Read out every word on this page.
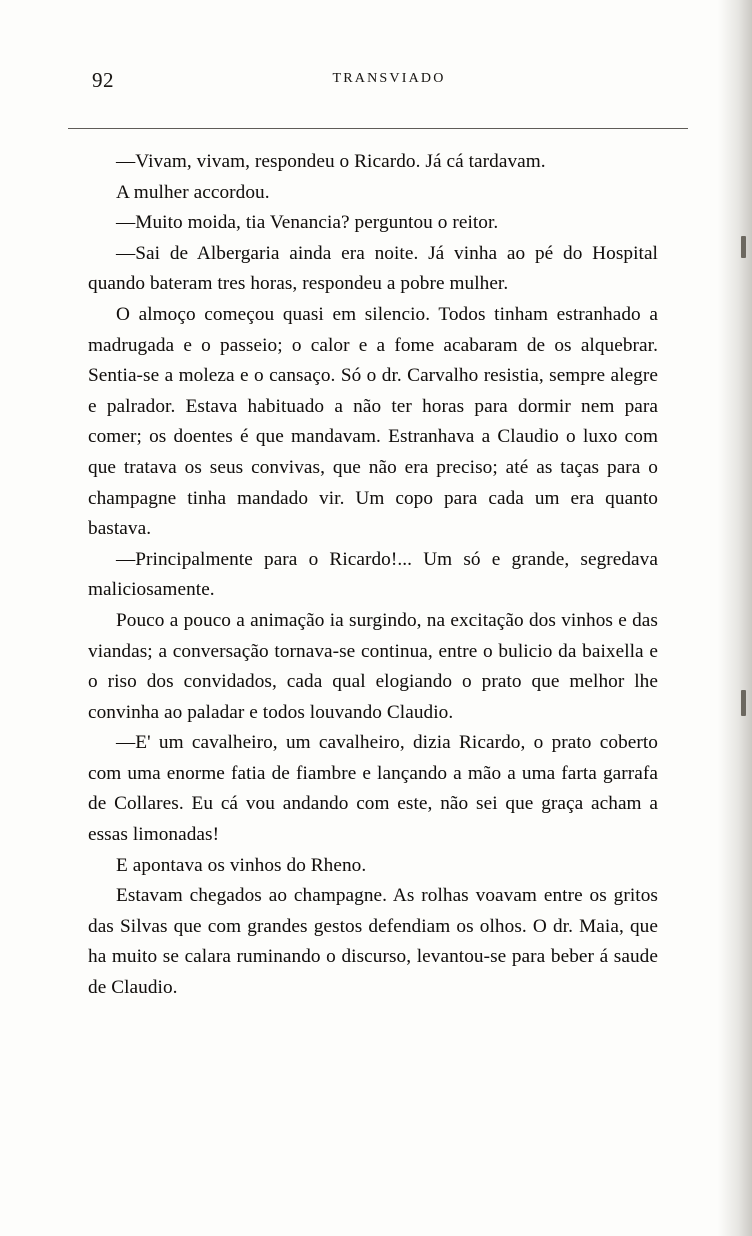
92	TRANSVIADO

—Vivam, vivam, respondeu o Ricardo. Já cá tardavam.

A mulher accordou.

—Muito moida, tia Venancia? perguntou o reitor.

—Sai de Albergaria ainda era noite. Já vinha ao pé do Hospital quando bateram tres horas, respondeu a pobre mulher.

O almoço começou quasi em silencio. Todos tinham estranhado a madrugada e o passeio; o calor e a fome acabaram de os alquebrar. Sentia-se a moleza e o cansaço. Só o dr. Carvalho resistia, sempre alegre e palrador. Estava habituado a não ter horas para dormir nem para comer; os doentes é que mandavam. Estranhava a Claudio o luxo com que tratava os seus convivas, que não era preciso; até as taças para o champagne tinha mandado vir. Um copo para cada um era quanto bastava.

—Principalmente para o Ricardo!... Um só e grande, segredava maliciosamente.

Pouco a pouco a animação ia surgindo, na excitação dos vinhos e das viandas; a conversação tornava-se continua, entre o bulicio da baixella e o riso dos convidados, cada qual elogiando o prato que melhor lhe convinha ao paladar e todos louvando Claudio.

—E' um cavalheiro, um cavalheiro, dizia Ricardo, o prato coberto com uma enorme fatia de fiambre e lançando a mão a uma farta garrafa de Collares. Eu cá vou andando com este, não sei que graça acham a essas limonadas!

E apontava os vinhos do Rheno.

Estavam chegados ao champagne. As rolhas voavam entre os gritos das Silvas que com grandes gestos defendiam os olhos. O dr. Maia, que ha muito se calara ruminando o discurso, levantou-se para beber á saude de Claudio.
